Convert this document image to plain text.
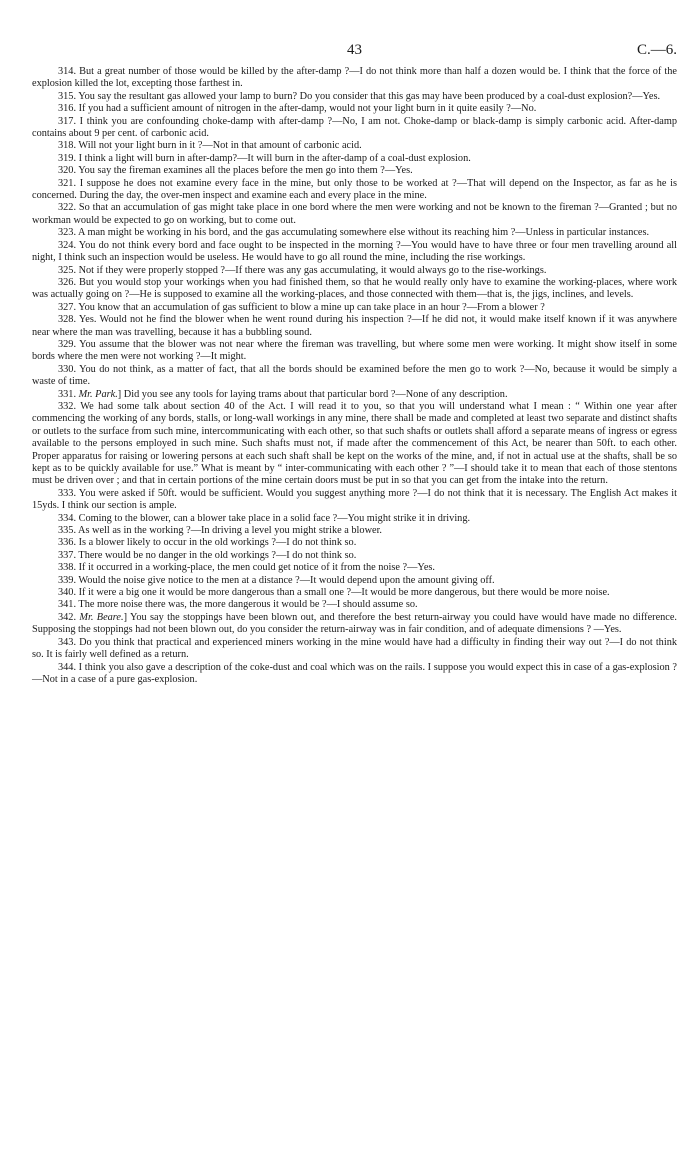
43	C.—6.

314. But a great number of those would be killed by the after-damp ?—I do not think more than half a dozen would be. I think that the force of the explosion killed the lot, excepting those farthest in.

315. You say the resultant gas allowed your lamp to burn? Do you consider that this gas may have been produced by a coal-dust explosion?—Yes.

316. If you had a sufficient amount of nitrogen in the after-damp, would not your light burn in it quite easily ?—No.

317. I think you are confounding choke-damp with after-damp ?—No, I am not. Choke-damp or black-damp is simply carbonic acid. After-damp contains about 9 per cent. of carbonic acid.

318. Will not your light burn in it ?—Not in that amount of carbonic acid.

319. I think a light will burn in after-damp?—It will burn in the after-damp of a coal-dust explosion.

320. You say the fireman examines all the places before the men go into them ?—Yes.

321. I suppose he does not examine every face in the mine, but only those to be worked at ?—That will depend on the Inspector, as far as he is concerned. During the day, the over-men inspect and examine each and every place in the mine.

322. So that an accumulation of gas might take place in one bord where the men were working and not be known to the fireman ?—Granted ; but no workman would be expected to go on working, but to come out.

323. A man might be working in his bord, and the gas accumulating somewhere else without its reaching him ?—Unless in particular instances.

324. You do not think every bord and face ought to be inspected in the morning ?—You would have to have three or four men travelling around all night, I think such an inspection would be useless. He would have to go all round the mine, including the rise workings.

325. Not if they were properly stopped ?—If there was any gas accumulating, it would always go to the rise-workings.

326. But you would stop your workings when you had finished them, so that he would really only have to examine the working-places, where work was actually going on ?—He is supposed to examine all the working-places, and those connected with them—that is, the jigs, inclines, and levels.

327. You know that an accumulation of gas sufficient to blow a mine up can take place in an hour ?—From a blower ?

328. Yes. Would not he find the blower when he went round during his inspection ?—If he did not, it would make itself known if it was anywhere near where the man was travelling, because it has a bubbling sound.

329. You assume that the blower was not near where the fireman was travelling, but where some men were working. It might show itself in some bords where the men were not working ?—It might.

330. You do not think, as a matter of fact, that all the bords should be examined before the men go to work ?—No, because it would be simply a waste of time.

331. Mr. Park.] Did you see any tools for laying trams about that particular bord ?—None of any description.

332. We had some talk about section 40 of the Act. I will read it to you, so that you will understand what I mean : “ Within one year after commencing the working of any bords, stalls, or long-wall workings in any mine, there shall be made and completed at least two separate and distinct shafts or outlets to the surface from such mine, intercommunicating with each other, so that such shafts or outlets shall afford a separate means of ingress or egress available to the persons employed in such mine. Such shafts must not, if made after the commencement of this Act, be nearer than 50ft. to each other. Proper apparatus for raising or lowering persons at each such shaft shall be kept on the works of the mine, and, if not in actual use at the shafts, shall be so kept as to be quickly available for use.” What is meant by “ inter-communicating with each other ? ”—I should take it to mean that each of those stentons must be driven over ; and that in certain portions of the mine certain doors must be put in so that you can get from the intake into the return.

333. You were asked if 50ft. would be sufficient. Would you suggest anything more ?—I do not think that it is necessary. The English Act makes it 15yds. I think our section is ample.

334. Coming to the blower, can a blower take place in a solid face ?—You might strike it in driving.

335. As well as in the working ?—In driving a level you might strike a blower.

336. Is a blower likely to occur in the old workings ?—I do not think so.

337. There would be no danger in the old workings ?—I do not think so.

338. If it occurred in a working-place, the men could get notice of it from the noise ?—Yes.

339. Would the noise give notice to the men at a distance ?—It would depend upon the amount giving off.

340. If it were a big one it would be more dangerous than a small one ?—It would be more dangerous, but there would be more noise.

341. The more noise there was, the more dangerous it would be ?—I should assume so.

342. Mr. Beare.] You say the stoppings have been blown out, and therefore the best return-airway you could have would have made no difference. Supposing the stoppings had not been blown out, do you consider the return-airway was in fair condition, and of adequate dimensions ? —Yes.

343. Do you think that practical and experienced miners working in the mine would have had a difficulty in finding their way out ?—I do not think so. It is fairly well defined as a return.

344. I think you also gave a description of the coke-dust and coal which was on the rails. I suppose you would expect this in case of a gas-explosion ?—Not in a case of a pure gas-explosion.
